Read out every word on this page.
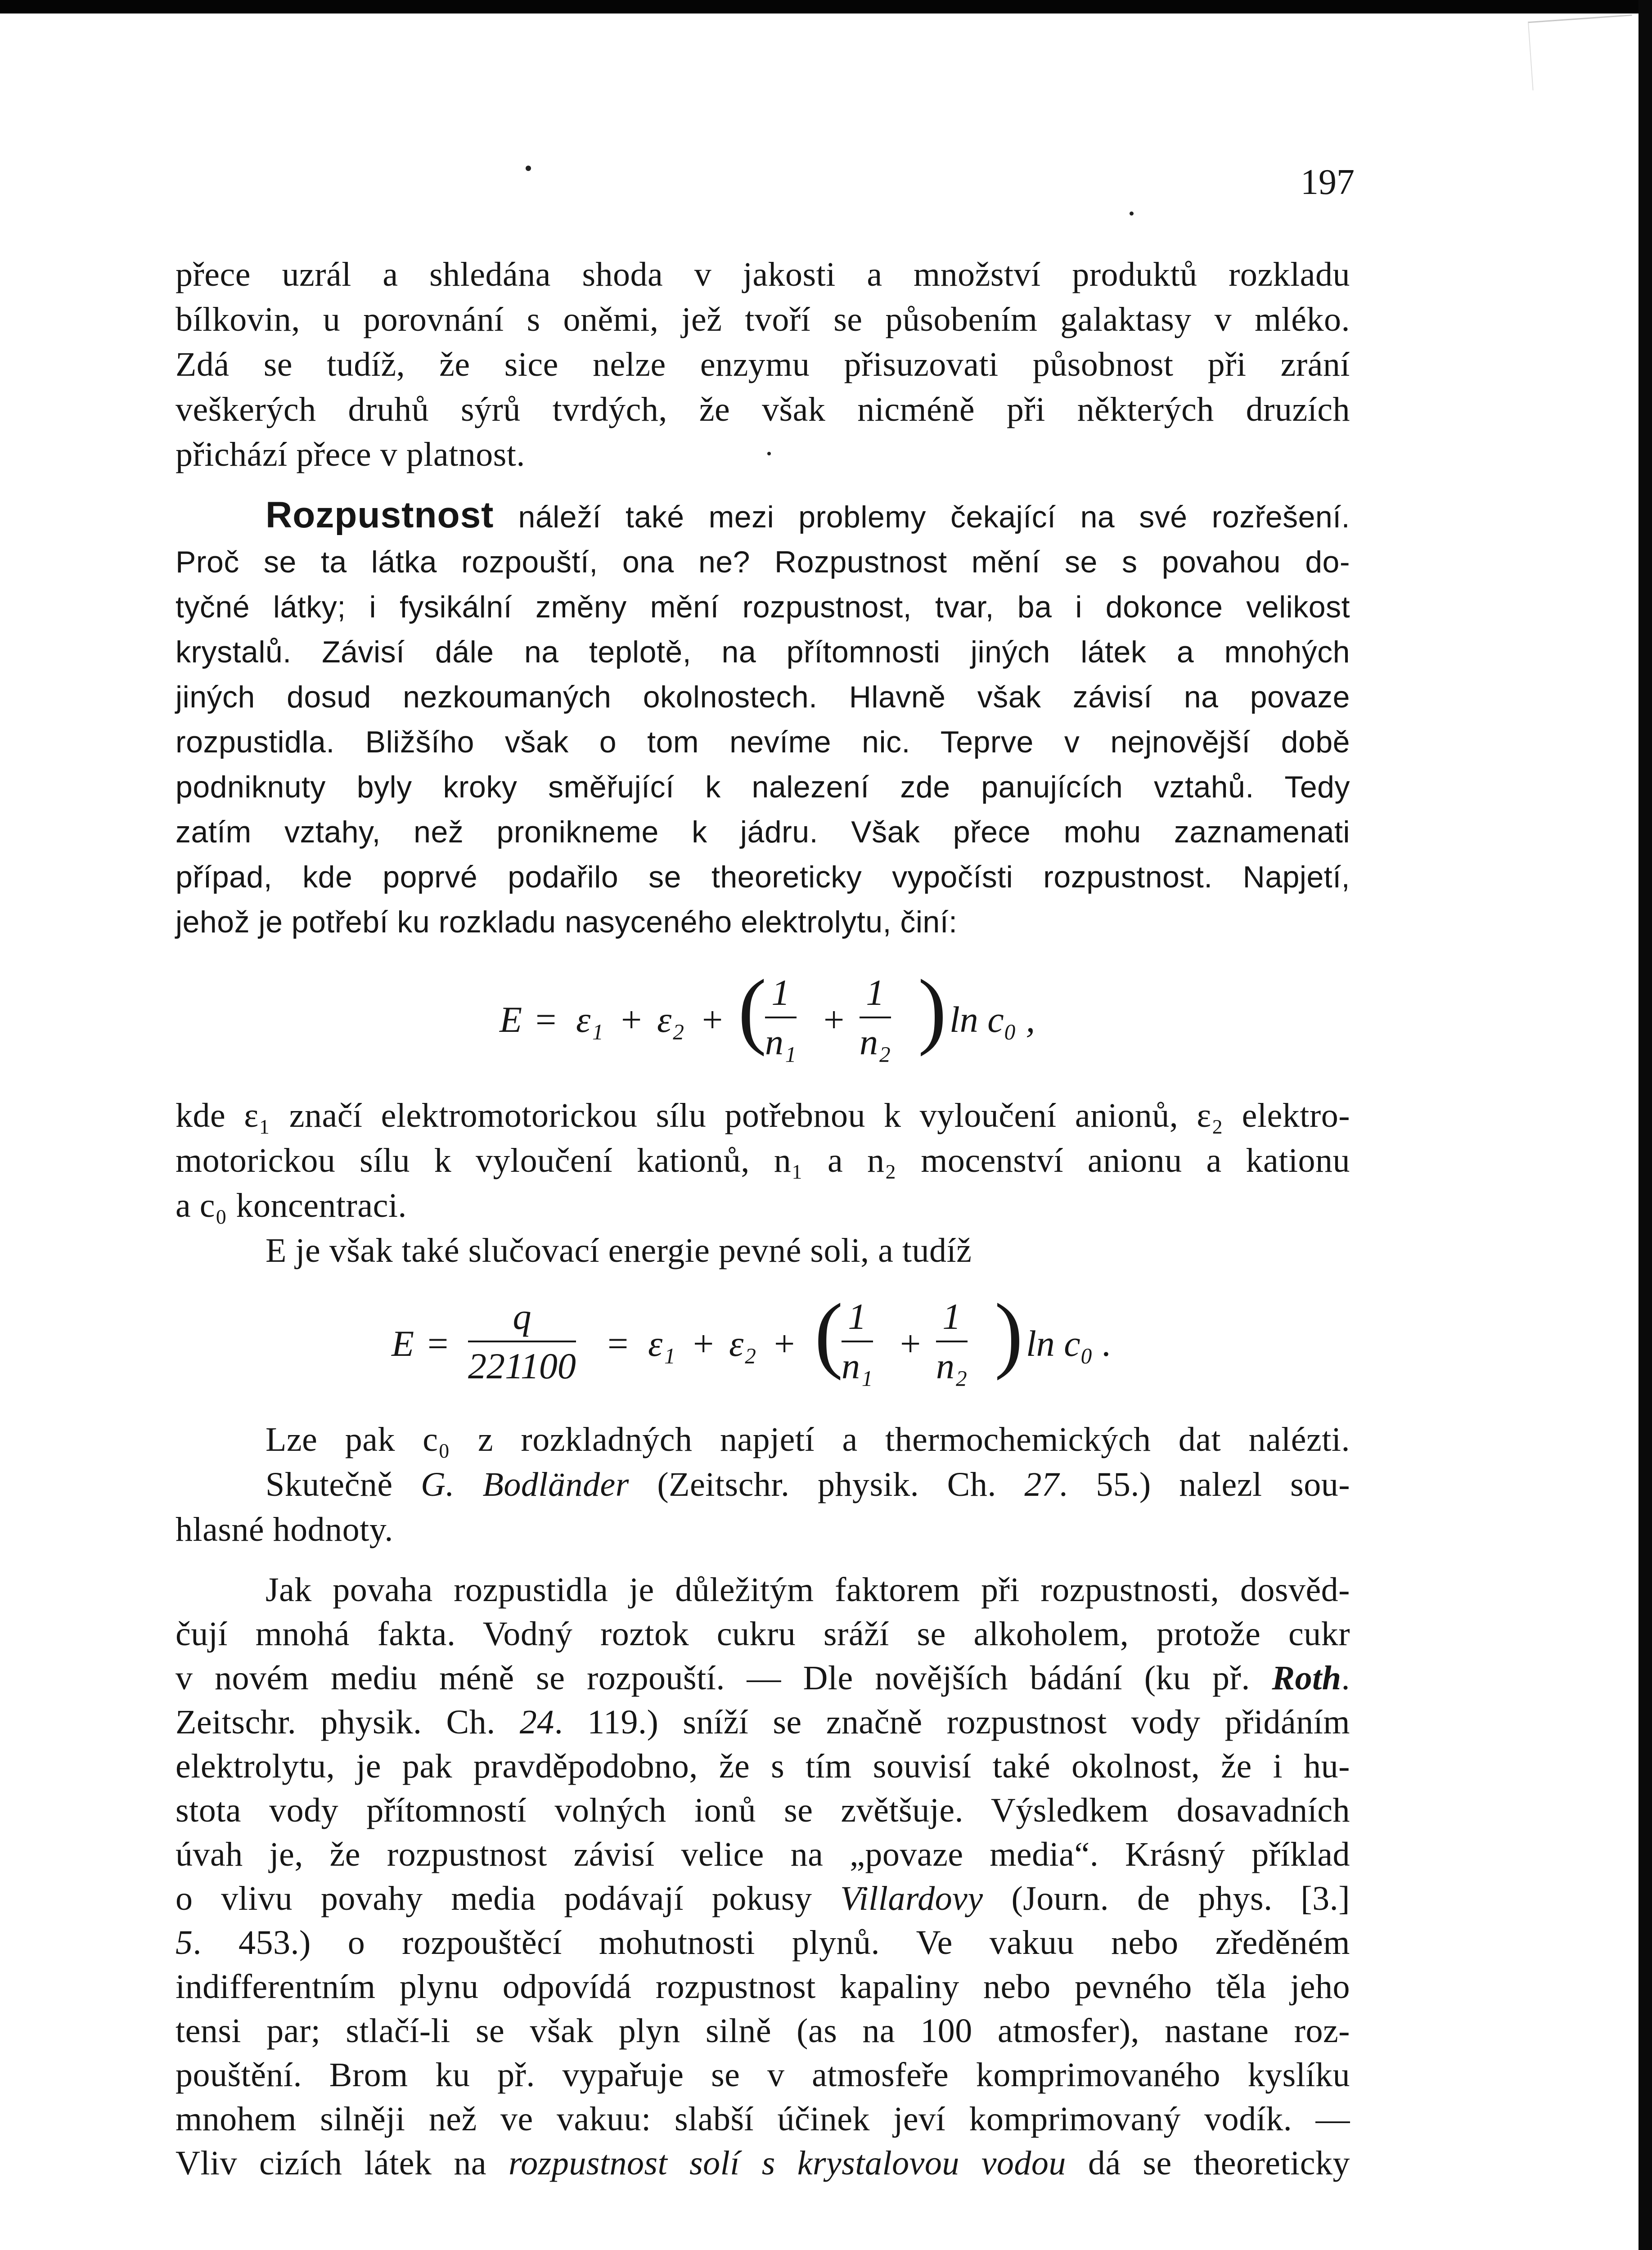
197
přece uzrál a shledána shoda v jakosti a množství produktů rozkladu
bílkovin, u porovnání s oněmi, jež tvoří se působením galaktasy v mléko.
Zdá se tudíž, že sice nelze enzymu přisuzovati působnost při zrání
veškerých druhů sýrů tvrdých, že však nicméně při některých druzích
přichází přece v platnost.
Rozpustnost náleží také mezi problemy čekající na své rozřešení.
Proč se ta látka rozpouští, ona ne? Rozpustnost mění se s povahou do-
tyčné látky; i fysikální změny mění rozpustnost, tvar, ba i dokonce velikost
krystalů. Závisí dále na teplotě, na přítomnosti jiných látek a mnohých
jiných dosud nezkoumaných okolnostech. Hlavně však závisí na povaze
rozpustidla. Bližšího však o tom nevíme nic. Teprve v nejnovější době
podniknuty byly kroky směřující k nalezení zde panujících vztahů. Tedy
zatím vztahy, než pronikneme k jádru. Však přece mohu zaznamenati
případ, kde poprvé podařilo se theoreticky vypočísti rozpustnost. Napjetí,
jehož je potřebí ku rozkladu nasyceného elektrolytu, činí:
E = ε₁ + ε₂ + (
$\frac{1}{\text{n₁}} + \frac{1}{\text{n₂}}$ ) ln c₀ ,
kde ε₁ značí elektromotorickou sílu potřebnou k vyloučení anionů, ε₂ elektro-
motorickou sílu k vyloučení kationů, n₁ a n₂ mocenství anionu a kationu
a c₀ koncentraci.
E je však také slučovací energie pevné soli, a tudíž
$E = \frac{q}{221100} = \varepsilon_1 + \varepsilon_2$ + (
$\frac{1}{\text{n₁}} + \frac{1}{\text{n₂}}$ ) ln c₀ .
Lze pak c₀ z rozkladných napjetí a thermochemických dat nalézti.
Skutečně G. Bodländer (Zeitschr. physik. Ch. 27. 55.) nalezl sou-
hlasné hodnoty.
Jak povaha rozpustidla je důležitým faktorem při rozpustnosti, dosvěd-
čují mnohá fakta. Vodný roztok cukru sráží se alkoholem, protože cukr
v novém mediu méně se rozpouští. — Dle novějších bádání (ku př. Roth.
Zeitschr. physik. Ch. 24. 119.) sníží se značně rozpustnost vody přidáním
elektrolytu, je pak pravděpodobno, že s tím souvisí také okolnost, že i hu-
stota vody přítomností volných ionů se zvětšuje. Výsledkem dosavadních
úvah je, že rozpustnost závisí velice na „povaze media“. Krásný příklad
o vlivu povahy media podávají pokusy Villardovy (Journ. de phys. [3.]
5. 453.) o rozpouštěcí mohutnosti plynů. Ve vakuu nebo zředěném
indifferentním plynu odpovídá rozpustnost kapaliny nebo pevného těla jeho
tensi par; stlačí-li se však plyn silně (as na 100 atmosfer), nastane roz-
pouštění. Brom ku př. vypařuje se v atmosfeře komprimovaného kyslíku
mnohem silněji než ve vakuu: slabší účinek jeví komprimovaný vodík. —
Vliv cizích látek na rozpustnost solí s krystalovou vodou dá se theoreticky
